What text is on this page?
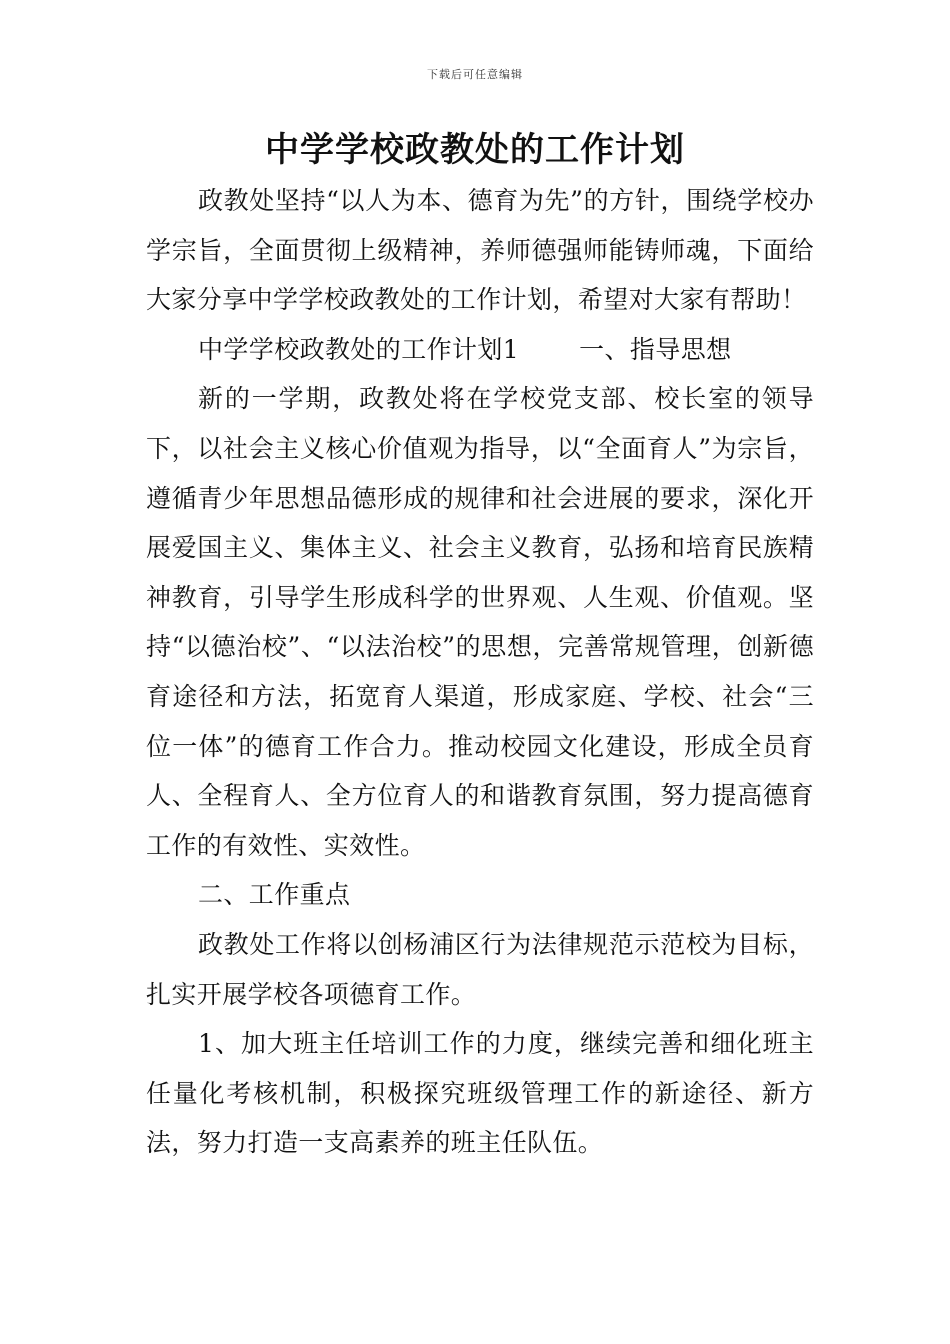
下载后可任意编辑
中学学校政教处的工作计划

政教处坚持“以人为本、德育为先”的方针，围绕学校办学宗旨，全面贯彻上级精神，养师德强师能铸师魂，下面给大家分享中学学校政教处的工作计划，希望对大家有帮助！

中学学校政教处的工作计划1 一、指导思想

新的一学期，政教处将在学校党支部、校长室的领导下，以社会主义核心价值观为指导，以“全面育人”为宗旨，遵循青少年思想品德形成的规律和社会进展的要求，深化开展爱国主义、集体主义、社会主义教育，弘扬和培育民族精神教育，引导学生形成科学的世界观、人生观、价值观。坚持“以德治校”、“以法治校”的思想，完善常规管理，创新德育途径和方法，拓宽育人渠道，形成家庭、学校、社会“三位一体”的德育工作合力。推动校园文化建设，形成全员育人、全程育人、全方位育人的和谐教育氛围，努力提高德育工作的有效性、实效性。

二、工作重点

政教处工作将以创杨浦区行为法律规范示范校为目标，扎实开展学校各项德育工作。

1、加大班主任培训工作的力度，继续完善和细化班主任量化考核机制，积极探究班级管理工作的新途径、新方法，努力打造一支高素养的班主任队伍。
